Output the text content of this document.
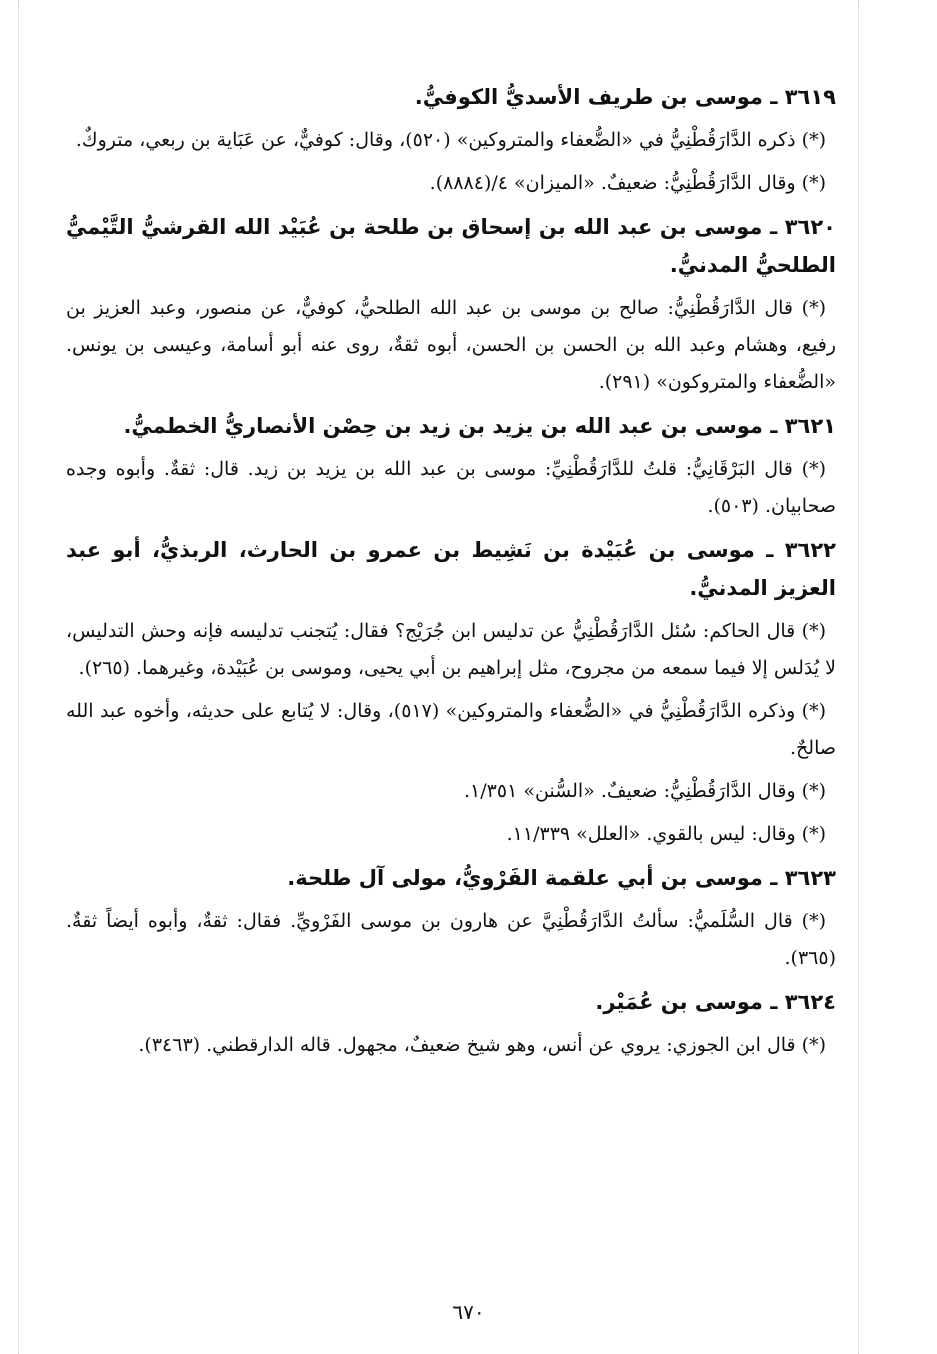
٣٦١٩ ـ موسى بن طريف الأسديُّ الكوفيُّ.

(*) ذكره الدَّارَقُطْنِيُّ في «الضُّعفاء والمتروكين» (٥٢٠)، وقال: كوفيٌّ، عن عَبَاية بن ربعي، متروكٌ.

(*) وقال الدَّارَقُطْنِيُّ: ضعيفٌ. «الميزان» ٤/(٨٨٨٤).

٣٦٢٠ ـ موسى بن عبد الله بن إسحاق بن طلحة بن عُبَيْد الله القرشيُّ التَّيْميُّ الطلحيُّ المدنيُّ.

(*) قال الدَّارَقُطْنِيُّ: صالح بن موسى بن عبد الله الطلحيُّ، كوفيٌّ، عن منصور، وعبد العزيز بن رفيع، وهشام وعبد الله بن الحسن بن الحسن، أبوه ثقةٌ، روى عنه أبو أسامة، وعيسى بن يونس. «الضُّعفاء والمتروكون» (٢٩١).

٣٦٢١ ـ موسى بن عبد الله بن يزيد بن زيد بن حِصْن الأنصاريُّ الخطميُّ.

(*) قال البَرْقَانِيُّ: قلتُ للدَّارَقُطْنِيِّ: موسى بن عبد الله بن يزيد بن زيد. قال: ثقةٌ. وأبوه وجده صحابيان. (٥٠٣).

٣٦٢٢ ـ موسى بن عُبَيْدة بن نَشِيط بن عمرو بن الحارث، الربذيُّ، أبو عبد العزيز المدنيُّ.

(*) قال الحاكم: سُئل الدَّارَقُطْنِيُّ عن تدليس ابن جُرَيْج؟ فقال: يُتجنب تدليسه فإنه وحش التدليس، لا يُدَلس إلا فيما سمعه من مجروح، مثل إبراهيم بن أبي يحيى، وموسى بن عُبَيْدة، وغيرهما. (٢٦٥).

(*) وذكره الدَّارَقُطْنِيُّ في «الضُّعفاء والمتروكين» (٥١٧)، وقال: لا يُتابع على حديثه، وأخوه عبد الله صالحٌ.

(*) وقال الدَّارَقُطْنِيُّ: ضعيفٌ. «السُّنن» ١/٣٥١.

(*) وقال: ليس بالقوي. «العلل» ١١/٣٣٩.

٣٦٢٣ ـ موسى بن أبي علقمة الفَرْويُّ، مولى آل طلحة.

(*) قال السُّلَميُّ: سألتُ الدَّارَقُطْنِيَّ عن هارون بن موسى الفَرْويِّ. فقال: ثقةٌ، وأبوه أيضاً ثقةٌ. (٣٦٥).

٣٦٢٤ ـ موسى بن عُمَيْر.

(*) قال ابن الجوزي: يروي عن أنس، وهو شيخ ضعيفٌ، مجهول. قاله الدارقطني. (٣٤٦٣).

٦٧٠
